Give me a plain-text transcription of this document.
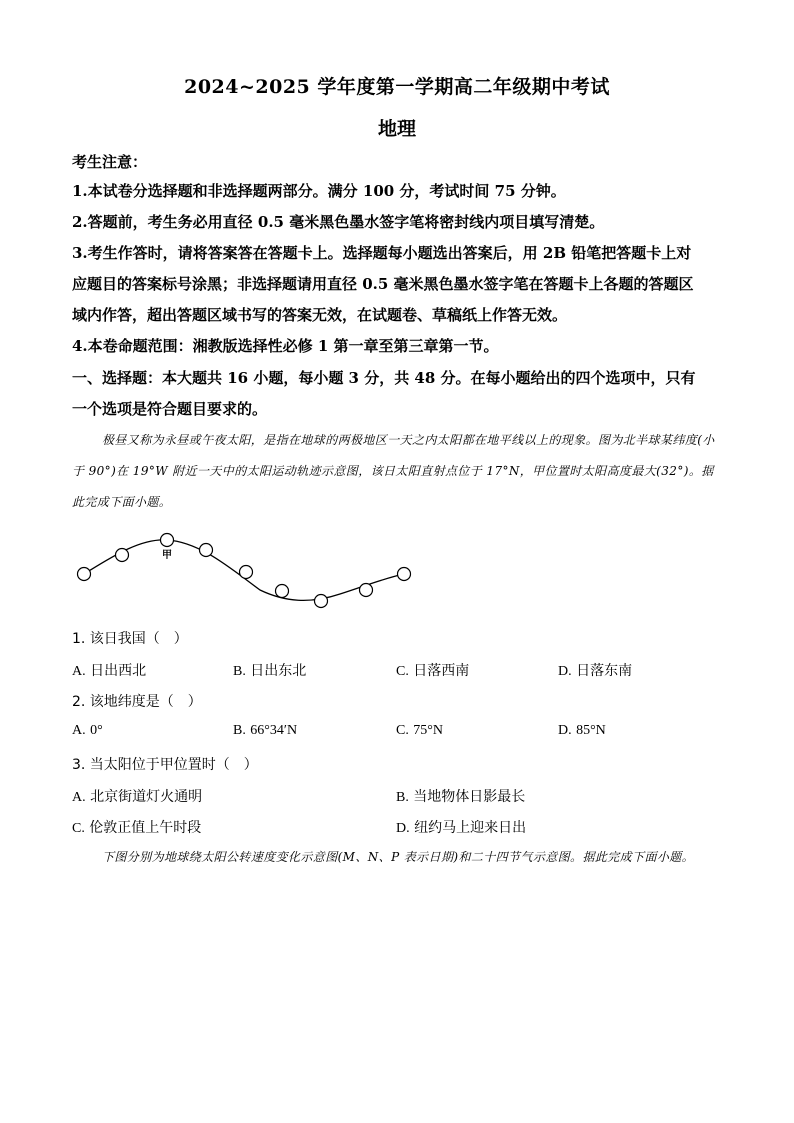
2024~2025 学年度第一学期高二年级期中考试
地理
考生注意：
1.本试卷分选择题和非选择题两部分。满分 100 分，考试时间 75 分钟。
2.答题前，考生务必用直径 0.5 毫米黑色墨水签字笔将密封线内项目填写清楚。
3.考生作答时，请将答案答在答题卡上。选择题每小题选出答案后，用 2B 铅笔把答题卡上对
应题目的答案标号涂黑；非选择题请用直径 0.5 毫米黑色墨水签字笔在答题卡上各题的答题区
域内作答，超出答题区域书写的答案无效，在试题卷、草稿纸上作答无效。
4.本卷命题范围：湘教版选择性必修 1 第一章至第三章第一节。
一、选择题：本大题共 16 小题，每小题 3 分，共 48 分。在每小题给出的四个选项中，只有
一个选项是符合题目要求的。
极昼又称为永昼或午夜太阳，是指在地球的两极地区一天之内太阳都在地平线以上的现象。图为北半球某纬度(小于 90°)在 19°W 附近一天中的太阳运动轨迹示意图，该日太阳直射点位于 17°N，甲位置时太阳高度最大(32°)。据此完成下面小题。
甲
1. 该日我国（　）
A. 日出西北	B. 日出东北	C. 日落西南	D. 日落东南
2. 该地纬度是（　）
A. 0°	B. 66°34′N	C. 75°N	D. 85°N
3. 当太阳位于甲位置时（　）
A. 北京街道灯火通明	B. 当地物体日影最长
C. 伦敦正值上午时段	D. 纽约马上迎来日出
下图分别为地球绕太阳公转速度变化示意图(M、N、P 表示日期)和二十四节气示意图。据此完成下面小题。
